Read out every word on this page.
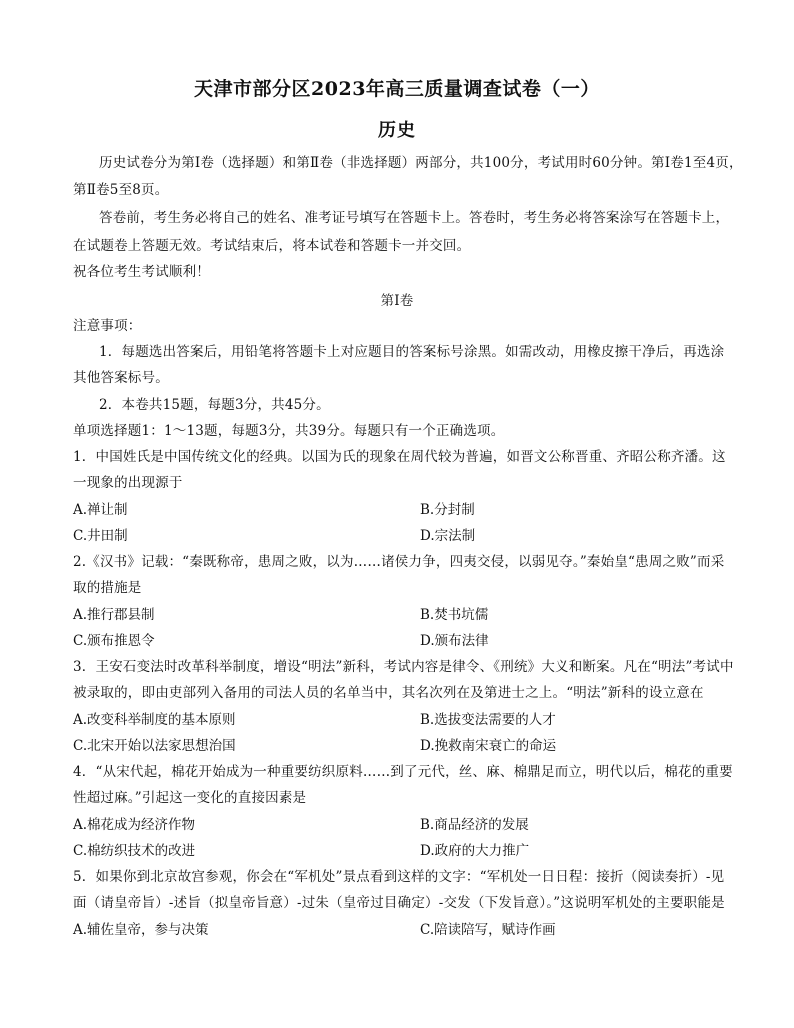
天津市部分区2023年高三质量调查试卷（一）
历史
历史试卷分为第Ⅰ卷（选择题）和第Ⅱ卷（非选择题）两部分，共100分，考试用时60分钟。第Ⅰ卷1至4页，
第Ⅱ卷5至8页。
答卷前，考生务必将自己的姓名、准考证号填写在答题卡上。答卷时，考生务必将答案涂写在答题卡上，
在试题卷上答题无效。考试结束后，将本试卷和答题卡一并交回。
祝各位考生考试顺利！
第Ⅰ卷
注意事项：
1．每题选出答案后，用铅笔将答题卡上对应题目的答案标号涂黑。如需改动，用橡皮擦干净后，再选涂
其他答案标号。
2．本卷共15题，每题3分，共45分。
单项选择题1：1～13题，每题3分，共39分。每题只有一个正确选项。
1．中国姓氏是中国传统文化的经典。以国为氏的现象在周代较为普遍，如晋文公称晋重、齐昭公称齐潘。这
一现象的出现源于
A.禅让制	B.分封制
C.井田制	D.宗法制
2.《汉书》记载：“秦既称帝，患周之败，以为……诸侯力争，四夷交侵，以弱见夺。”秦始皇“患周之败”而采
取的措施是
A.推行郡县制	B.焚书坑儒
C.颁布推恩令	D.颁布法律
3．王安石变法时改革科举制度，增设“明法”新科，考试内容是律令、《刑统》大义和断案。凡在“明法”考试中
被录取的，即由吏部列入备用的司法人员的名单当中，其名次列在及第进士之上。“明法”新科的设立意在
A.改变科举制度的基本原则	B.选拔变法需要的人才
C.北宋开始以法家思想治国	D.挽救南宋衰亡的命运
4．“从宋代起，棉花开始成为一种重要纺织原料……到了元代，丝、麻、棉鼎足而立，明代以后，棉花的重要
性超过麻。”引起这一变化的直接因素是
A.棉花成为经济作物	B.商品经济的发展
C.棉纺织技术的改进	D.政府的大力推广
5．如果你到北京故宫参观，你会在“军机处”景点看到这样的文字：“军机处一日日程：接折（阅读奏折）-见
面（请皇帝旨）-述旨（拟皇帝旨意）-过朱（皇帝过目确定）-交发（下发旨意）。”这说明军机处的主要职能是
A.辅佐皇帝，参与决策	C.陪读陪写，赋诗作画
